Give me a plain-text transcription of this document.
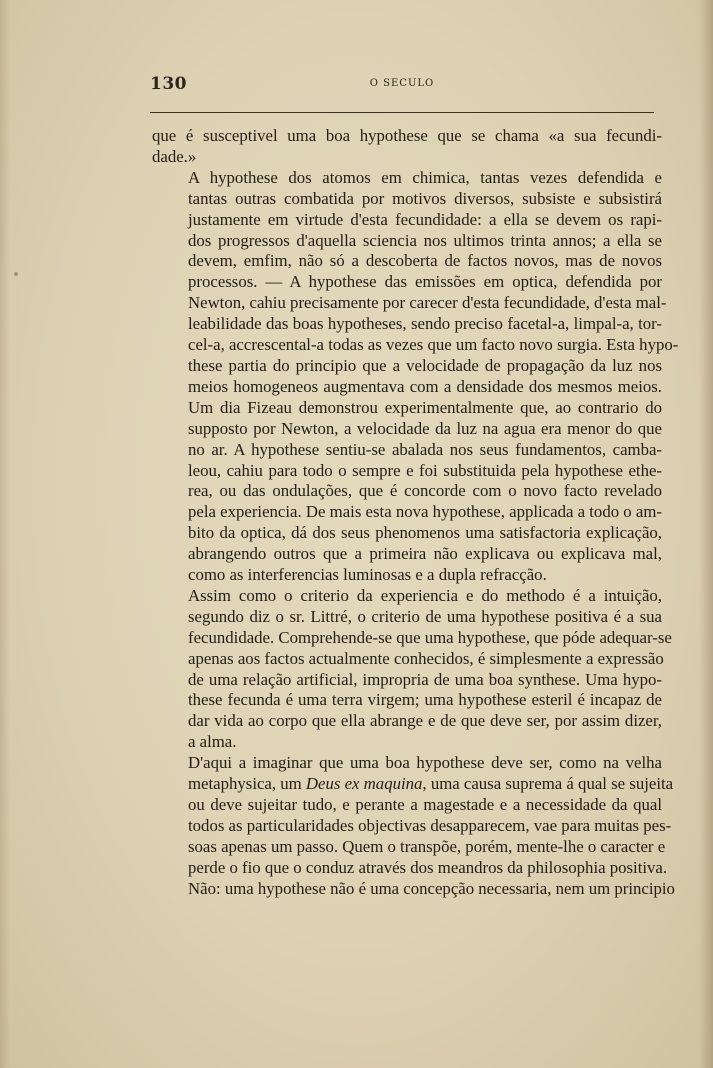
130	O SECULO

que é susceptivel uma boa hypothese que se chama «a sua fecundi-
dade.»

A hypothese dos atomos em chimica, tantas vezes defendida e
tantas outras combatida por motivos diversos, subsiste e subsistirá
justamente em virtude d'esta fecundidade: a ella se devem os rapi-
dos progressos d'aquella sciencia nos ultimos trinta annos; a ella se
devem, emfim, não só a descoberta de factos novos, mas de novos
processos. — A hypothese das emissões em optica, defendida por
Newton, cahiu precisamente por carecer d'esta fecundidade, d'esta mal-
leabilidade das boas hypotheses, sendo preciso facetal-a, limpal-a, tor-
cel-a, accrescental-a todas as vezes que um facto novo surgia. Esta hypo-
these partia do principio que a velocidade de propagação da luz nos
meios homogeneos augmentava com a densidade dos mesmos meios.
Um dia Fizeau demonstrou experimentalmente que, ao contrario do
supposto por Newton, a velocidade da luz na agua era menor do que
no ar. A hypothese sentiu-se abalada nos seus fundamentos, camba-
leou, cahiu para todo o sempre e foi substituida pela hypothese ethe-
rea, ou das ondulações, que é concorde com o novo facto revelado
pela experiencia. De mais esta nova hypothese, applicada a todo o am-
bito da optica, dá dos seus phenomenos uma satisfactoria explicação,
abrangendo outros que a primeira não explicava ou explicava mal,
como as interferencias luminosas e a dupla refracção.

Assim como o criterio da experiencia e do methodo é a intuição,
segundo diz o sr. Littré, o criterio de uma hypothese positiva é a sua
fecundidade. Comprehende-se que uma hypothese, que póde adequar-se
apenas aos factos actualmente conhecidos, é simplesmente a expressão
de uma relação artificial, impropria de uma boa synthese. Uma hypo-
these fecunda é uma terra virgem; uma hypothese esteril é incapaz de
dar vida ao corpo que ella abrange e de que deve ser, por assim dizer,
a alma.

D'aqui a imaginar que uma boa hypothese deve ser, como na velha
metaphysica, um Deus ex maquina, uma causa suprema á qual se sujeita
ou deve sujeitar tudo, e perante a magestade e a necessidade da qual
todos as particularidades objectivas desapparecem, vae para muitas pes-
soas apenas um passo. Quem o transpõe, porém, mente-lhe o caracter e
perde o fio que o conduz através dos meandros da philosophia positiva.
Não: uma hypothese não é uma concepção necessaria, nem um principio
